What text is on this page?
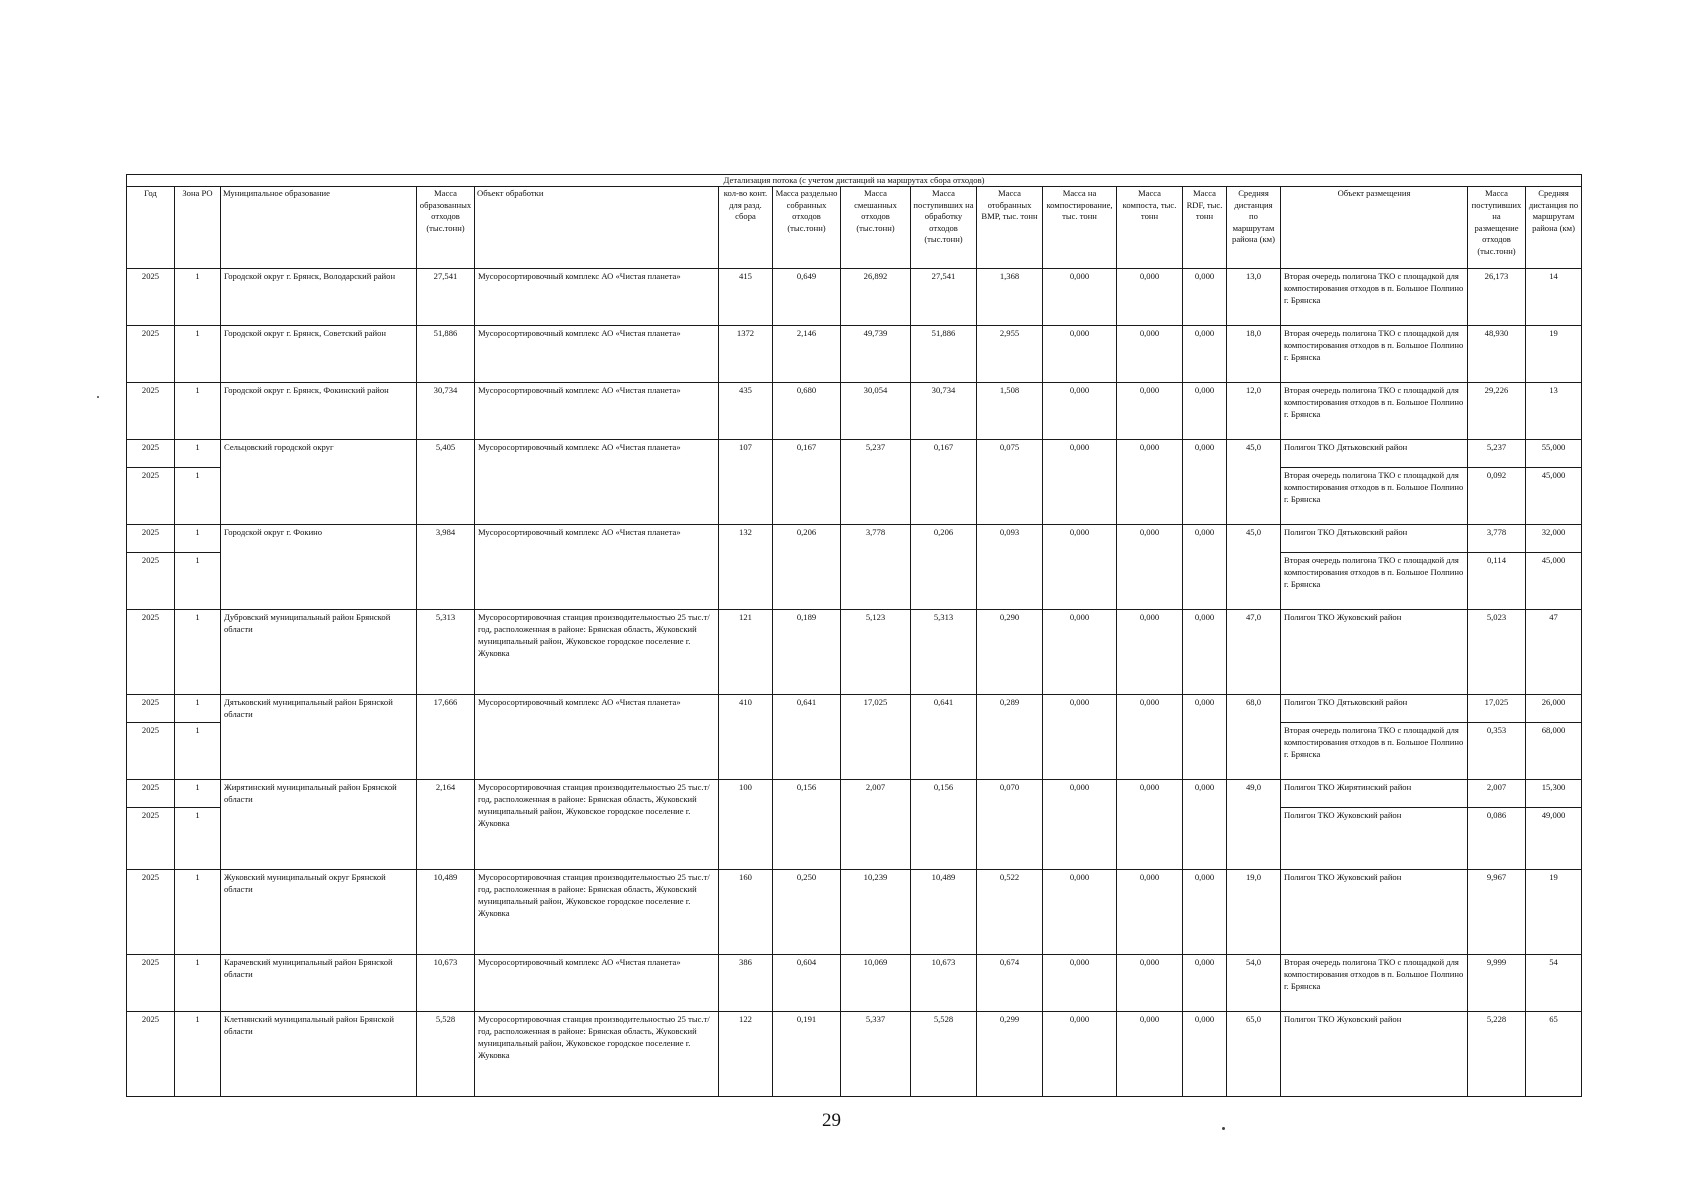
Детализация потока (с учетом дистанций на маршрутах сбора отходов)																
Год	Зона РО	Муниципальное образование	Масса образованных отходов (тыс.тонн)	Объект обработки	кол-во конт. для разд. сбора	Масса раздельно собранных отходов (тыс.тонн)	Масса смешанных отходов (тыс.тонн)	Масса поступивших на обработку отходов (тыс.тонн)	Масса отобранных ВМР, тыс. тонн	Масса на компостирование, тыс. тонн	Масса компоста, тыс. тонн	Масса RDF, тыс. тонн	Средняя дистанция по маршрутам района (км)	Объект размещения	Масса поступивших на размещение отходов (тыс.тонн)	Средняя дистанция по маршрутам района (км)
2025	1	Городской округ г. Брянск, Володарский район	27,541	Мусоросортировочный комплекс АО «Чистая планета»	415	0,649	26,892	27,541	1,368	0,000	0,000	0,000	13,0	Вторая очередь полигона ТКО с площадкой для компостирования отходов в п. Большое Полпино г. Брянска	26,173	14
2025	1	Городской округ г. Брянск, Советский район	51,886	Мусоросортировочный комплекс АО «Чистая планета»	1372	2,146	49,739	51,886	2,955	0,000	0,000	0,000	18,0	Вторая очередь полигона ТКО с площадкой для компостирования отходов в п. Большое Полпино г. Брянска	48,930	19
2025	1	Городской округ г. Брянск, Фокинский район	30,734	Мусоросортировочный комплекс АО «Чистая планета»	435	0,680	30,054	30,734	1,508	0,000	0,000	0,000	12,0	Вторая очередь полигона ТКО с площадкой для компостирования отходов в п. Большое Полпино г. Брянска	29,226	13
2025	1	Сельцовский городской округ	5,405	Мусоросортировочный комплекс АО «Чистая планета»	107	0,167	5,237	0,167	0,075	0,000	0,000	0,000	45,0	Полигон ТКО Дятьковский район	5,237	55,000
2025	1													Вторая очередь полигона ТКО с площадкой для компостирования отходов в п. Большое Полпино г. Брянска	0,092	45,000
2025	1	Городской округ г. Фокино	3,984	Мусоросортировочный комплекс АО «Чистая планета»	132	0,206	3,778	0,206	0,093	0,000	0,000	0,000	45,0	Полигон ТКО Дятьковский район	3,778	32,000
2025	1													Вторая очередь полигона ТКО с площадкой для компостирования отходов в п. Большое Полпино г. Брянска	0,114	45,000
2025	1	Дубровский муниципальный район Брянской области	5,313	Мусоросортировочная станция производительностью 25 тыс.т/год, расположенная в районе: Брянская область, Жуковский муниципальный район, Жуковское городское поселение г. Жуковка	121	0,189	5,123	5,313	0,290	0,000	0,000	0,000	47,0	Полигон ТКО Жуковский район	5,023	47
2025	1	Дятьковский муниципальный район Брянской области	17,666	Мусоросортировочный комплекс АО «Чистая планета»	410	0,641	17,025	0,641	0,289	0,000	0,000	0,000	68,0	Полигон ТКО Дятьковский район	17,025	26,000
2025	1													Вторая очередь полигона ТКО с площадкой для компостирования отходов в п. Большое Полпино г. Брянска	0,353	68,000
2025	1	Жирятинский муниципальный район Брянской области	2,164	Мусоросортировочная станция производительностью 25 тыс.т/год, расположенная в районе: Брянская область, Жуковский муниципальный район, Жуковское городское поселение г. Жуковка	100	0,156	2,007	0,156	0,070	0,000	0,000	0,000	49,0	Полигон ТКО Жирятинский район	2,007	15,300
2025	1													Полигон ТКО Жуковский район	0,086	49,000
2025	1	Жуковский муниципальный округ Брянской области	10,489	Мусоросортировочная станция производительностью 25 тыс.т/год, расположенная в районе: Брянская область, Жуковский муниципальный район, Жуковское городское поселение г. Жуковка	160	0,250	10,239	10,489	0,522	0,000	0,000	0,000	19,0	Полигон ТКО Жуковский район	9,967	19
2025	1	Карачевский муниципальный район Брянской области	10,673	Мусоросортировочный комплекс АО «Чистая планета»	386	0,604	10,069	10,673	0,674	0,000	0,000	0,000	54,0	Вторая очередь полигона ТКО с площадкой для компостирования отходов в п. Большое Полпино г. Брянска	9,999	54
2025	1	Клетнянский муниципальный район Брянской области	5,528	Мусоросортировочная станция производительностью 25 тыс.т/год, расположенная в районе: Брянская область, Жуковский муниципальный район, Жуковское городское поселение г. Жуковка	122	0,191	5,337	5,528	0,299	0,000	0,000	0,000	65,0	Полигон ТКО Жуковский район	5,228	65
29
